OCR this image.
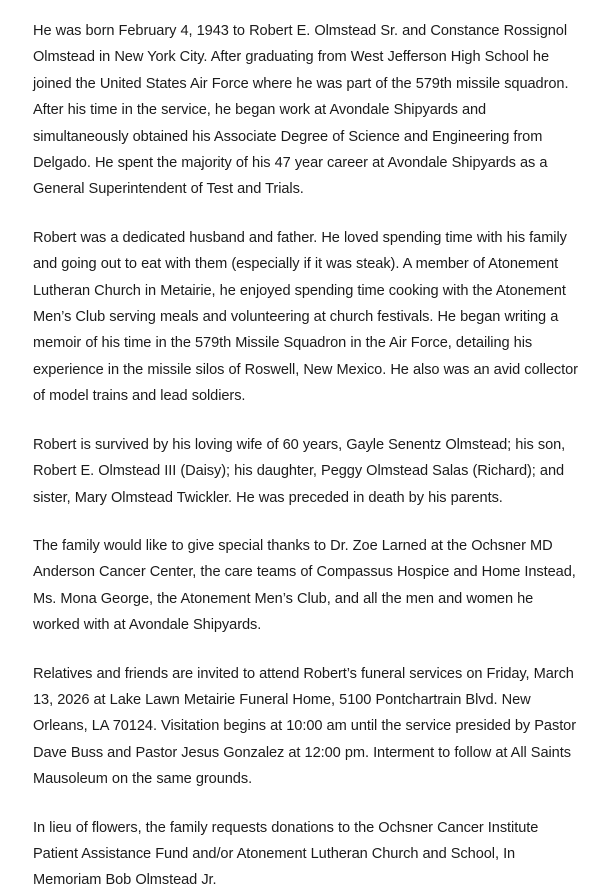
He was born February 4, 1943 to Robert E. Olmstead Sr. and Constance Rossignol Olmstead in New York City. After graduating from West Jefferson High School he joined the United States Air Force where he was part of the 579th missile squadron. After his time in the service, he began work at Avondale Shipyards and simultaneously obtained his Associate Degree of Science and Engineering from Delgado. He spent the majority of his 47 year career at Avondale Shipyards as a General Superintendent of Test and Trials.

Robert was a dedicated husband and father. He loved spending time with his family and going out to eat with them (especially if it was steak). A member of Atonement Lutheran Church in Metairie, he enjoyed spending time cooking with the Atonement Men’s Club serving meals and volunteering at church festivals. He began writing a memoir of his time in the 579th Missile Squadron in the Air Force, detailing his experience in the missile silos of Roswell, New Mexico. He also was an avid collector of model trains and lead soldiers.

Robert is survived by his loving wife of 60 years, Gayle Senentz Olmstead; his son, Robert E. Olmstead III (Daisy); his daughter, Peggy Olmstead Salas (Richard); and sister, Mary Olmstead Twickler. He was preceded in death by his parents.

The family would like to give special thanks to Dr. Zoe Larned at the Ochsner MD Anderson Cancer Center, the care teams of Compassus Hospice and Home Instead, Ms. Mona George, the Atonement Men’s Club, and all the men and women he worked with at Avondale Shipyards.

Relatives and friends are invited to attend Robert’s funeral services on Friday, March 13, 2026 at Lake Lawn Metairie Funeral Home, 5100 Pontchartrain Blvd. New Orleans, LA 70124. Visitation begins at 10:00 am until the service presided by Pastor Dave Buss and Pastor Jesus Gonzalez at 12:00 pm. Interment to follow at All Saints Mausoleum on the same grounds.

In lieu of flowers, the family requests donations to the Ochsner Cancer Institute Patient Assistance Fund and/or Atonement Lutheran Church and School, In Memoriam Bob Olmstead Jr.
